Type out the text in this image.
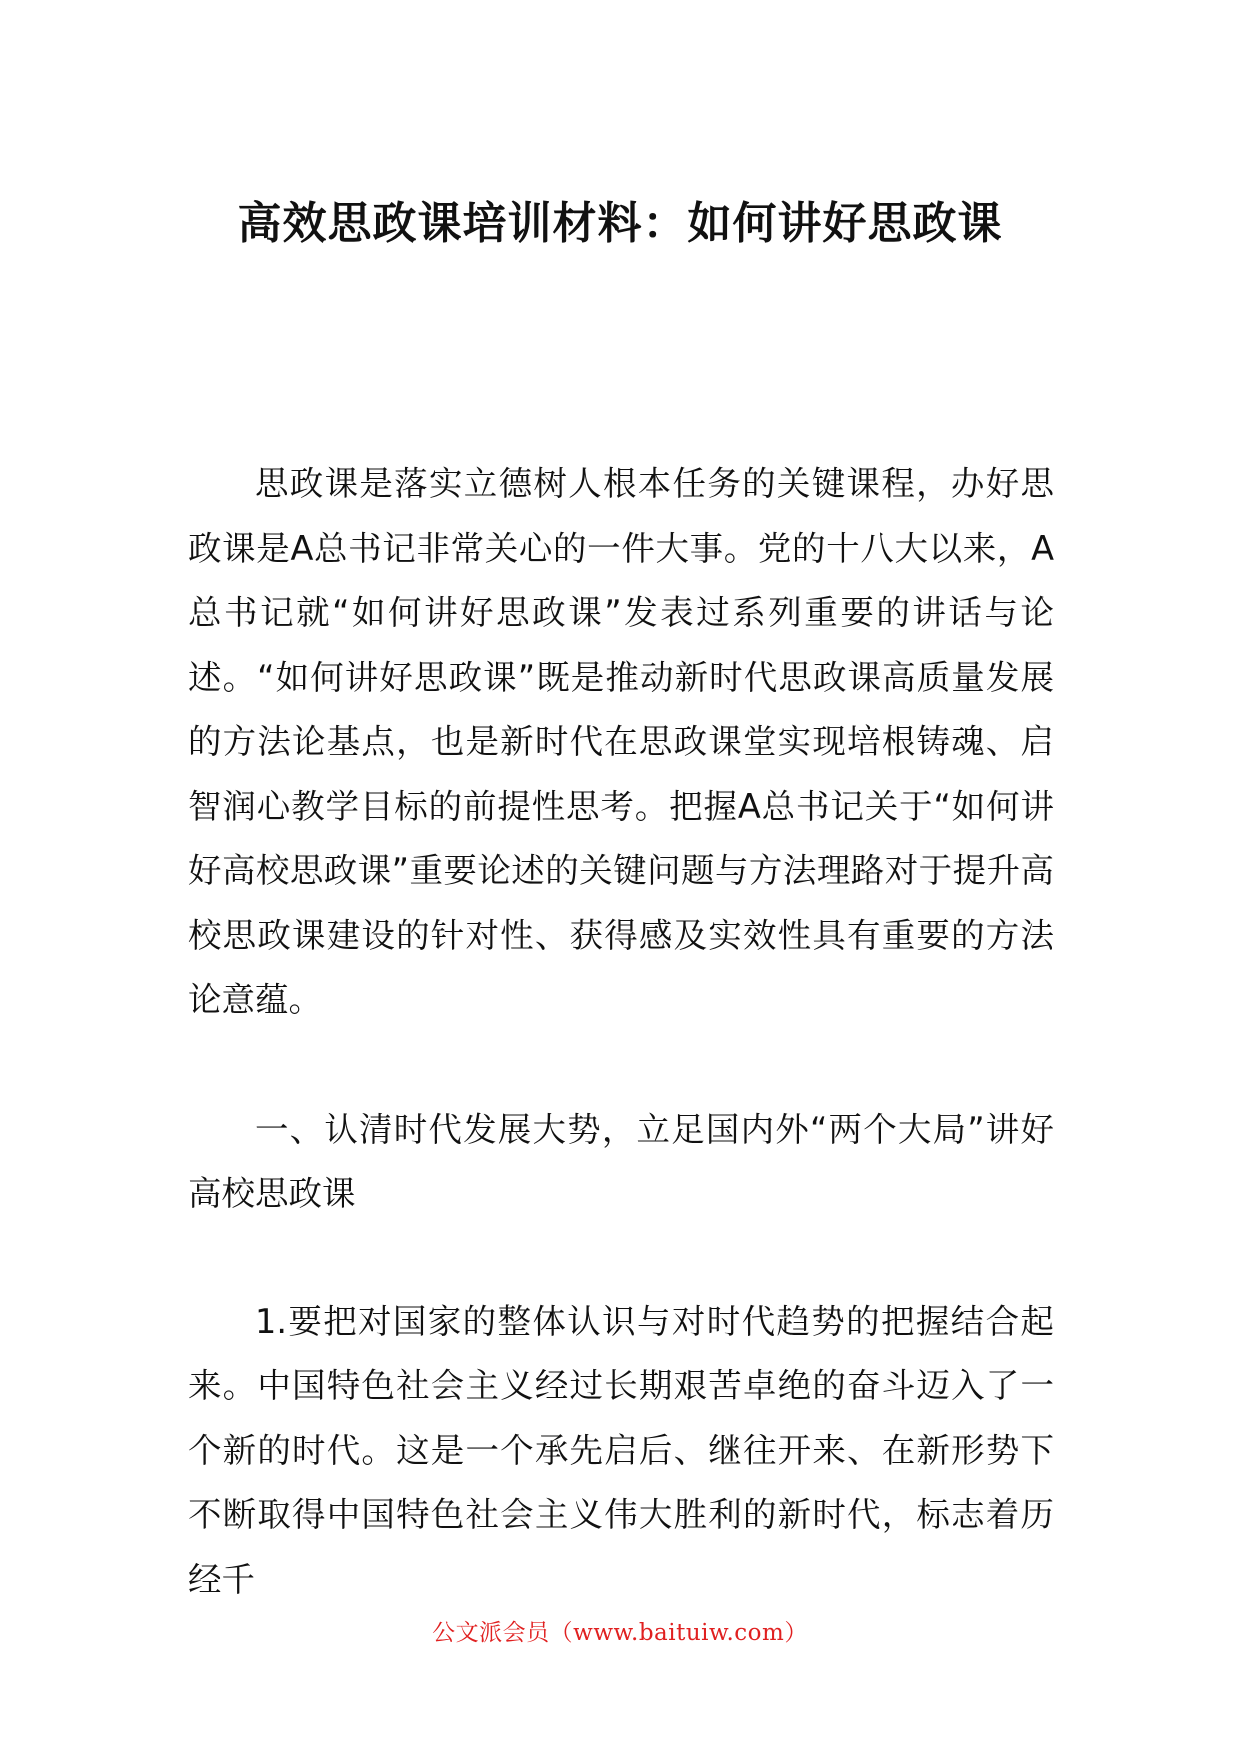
高效思政课培训材料：如何讲好思政课

思政课是落实立德树人根本任务的关键课程，办好思政课是A总书记非常关心的一件大事。党的十八大以来，A总书记就“如何讲好思政课”发表过系列重要的讲话与论述。“如何讲好思政课”既是推动新时代思政课高质量发展的方法论基点，也是新时代在思政课堂实现培根铸魂、启智润心教学目标的前提性思考。把握A总书记关于“如何讲好高校思政课”重要论述的关键问题与方法理路对于提升高校思政课建设的针对性、获得感及实效性具有重要的方法论意蕴。

一、认清时代发展大势，立足国内外“两个大局”讲好高校思政课

1.要把对国家的整体认识与对时代趋势的把握结合起来。中国特色社会主义经过长期艰苦卓绝的奋斗迈入了一个新的时代。这是一个承先启后、继往开来、在新形势下不断取得中国特色社会主义伟大胜利的新时代，标志着历经千

公文派会员（www.baituiw.com）
